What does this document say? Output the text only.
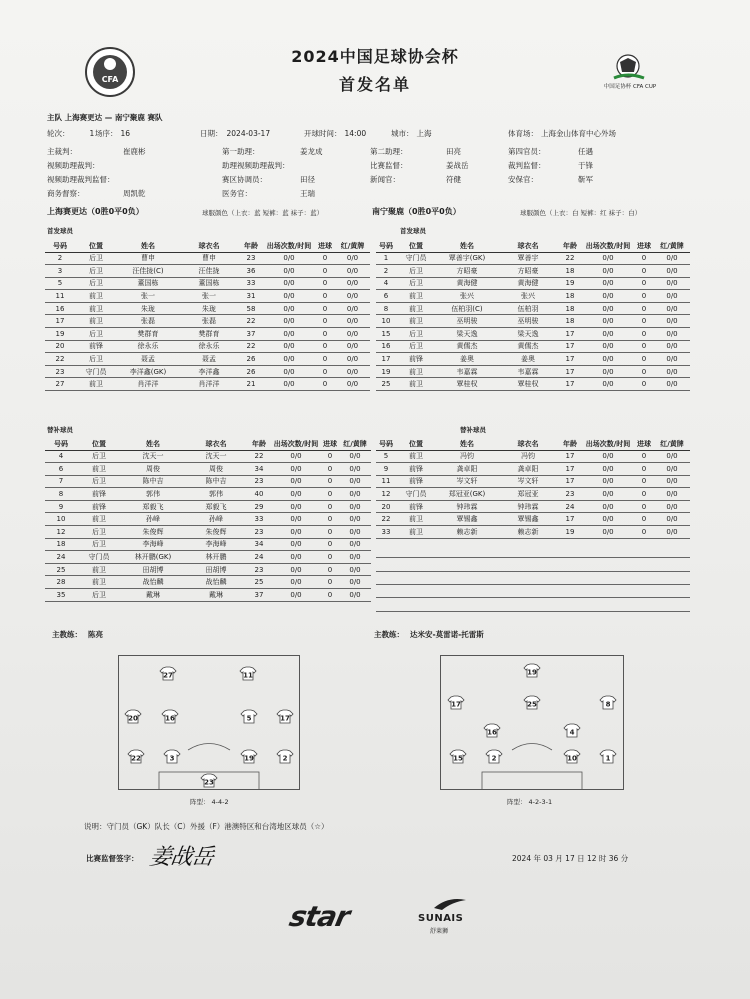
CFA
中国足协杯 CFA CUP
2024中国足球协会杯
首发名单
主队 上海赛更达 — 南宁聚鹿 赛队
轮次：	1 场序： 16	日期： 2024-03-17	开球时间： 14:00	城市： 上海	体育场： 上海金山体育中心外场
主裁判：	崔鹿彬	第一助理：	姜龙成	第二助理：	田亮	第四官员：	任遇
视频助理裁判：	助理视频助理裁判：	比赛监督：	姜战岳	裁判监督：	于锋
视频助理裁判监督：	赛区协调员：	田径	新闻官：	符健	安保官：	靳军
商务督察：	周凯乾	医务官：	王瑞
上海赛更达（0胜0平0负）	球服颜色（上衣：蓝 短裤：蓝 袜子：蓝）	南宁聚鹿（0胜0平0负）	球服颜色（上衣：白 短裤：红 袜子：白）
首发球员	首发球员
号码	位置	姓名	球衣名	年龄	出场次数/时间	进球	红/黄牌
2	后卫	曹申	曹申	23	0/0	0	0/0
3	后卫	汪佳拢(C)	汪佳拢	36	0/0	0	0/0
5	后卫	董国栋	董国栋	33	0/0	0	0/0
11	前卫	张一	张一	31	0/0	0	0/0
16	前卫	朱珑	朱珑	58	0/0	0	0/0
17	前卫	张磊	张磊	22	0/0	0	0/0
19	后卫	樊群育	樊群育	37	0/0	0	0/0
20	前锋	徐永乐	徐永乐	22	0/0	0	0/0
22	后卫	聂孟	聂孟	26	0/0	0	0/0
23	守门员	李洋鑫(GK)	李洋鑫	26	0/0	0	0/0
27	前卫	肖洋洋	肖洋洋	21	0/0	0	0/0
号码	位置	姓名	球衣名	年龄	出场次数/时间	进球	红/黄牌
1	守门员	覃善宇(GK)	覃善宇	22	0/0	0	0/0
2	后卫	方昭豪	方昭豪	18	0/0	0	0/0
4	后卫	黄海健	黄海健	19	0/0	0	0/0
6	前卫	张兴	张兴	18	0/0	0	0/0
8	前卫	伍柏羽(C)	伍柏羽	18	0/0	0	0/0
10	前卫	巫明骏	巫明骏	18	0/0	0	0/0
15	后卫	梁天逸	梁天逸	17	0/0	0	0/0
16	后卫	黄儒杰	黄儒杰	17	0/0	0	0/0
17	前锋	姜奥	姜奥	17	0/0	0	0/0
19	前卫	韦嘉霖	韦嘉霖	17	0/0	0	0/0
25	前卫	覃桂权	覃桂权	17	0/0	0	0/0
替补球员	替补球员
号码	位置	姓名	球衣名	年龄	出场次数/时间	进球	红/黄牌
4	后卫	沈天一	沈天一	22	0/0	0	0/0
6	前卫	周俊	周俊	34	0/0	0	0/0
7	后卫	陈中吉	陈中吉	23	0/0	0	0/0
8	前锋	郭伟	郭伟	40	0/0	0	0/0
9	前锋	郑毅飞	郑毅飞	29	0/0	0	0/0
10	前卫	孙峰	孙峰	33	0/0	0	0/0
12	后卫	朱俊辉	朱俊辉	23	0/0	0	0/0
18	后卫	李海峰	李海峰	34	0/0	0	0/0
24	守门员	林开鹏(GK)	林开鹏	24	0/0	0	0/0
25	前卫	田胡博	田胡博	23	0/0	0	0/0
28	前卫	战怡麟	战怡麟	25	0/0	0	0/0
35	后卫	戴琳	戴琳	37	0/0	0	0/0
号码	位置	姓名	球衣名	年龄	出场次数/时间	进球	红/黄牌
5	前卫	冯钧	冯钧	17	0/0	0	0/0
9	前锋	龚卓阳	龚卓阳	17	0/0	0	0/0
11	前锋	岑文轩	岑文轩	17	0/0	0	0/0
12	守门员	郑冠亚(GK)	郑冠亚	23	0/0	0	0/0
20	前锋	钟玮霖	钟玮霖	24	0/0	0	0/0
22	前卫	覃锡鑫	覃锡鑫	17	0/0	0	0/0
33	前卫	赖志新	赖志新	19	0/0	0	0/0
主教练： 陈亮	主教练： 达米安-莫雷诺-托雷斯
27	11
20	16	5	17
22	3	19	2
23
19
17	25	8
16	4
15	2	10	1
阵型： 4-4-2	阵型： 4-2-3-1
说明：守门员（GK）队长（C）外援（F）港澳特区和台湾地区球员（☆）
比赛监督签字： 姜战岳	2024 年 03 月 17 日 12 时 36 分
star	SUNAIS
舒莱狮
